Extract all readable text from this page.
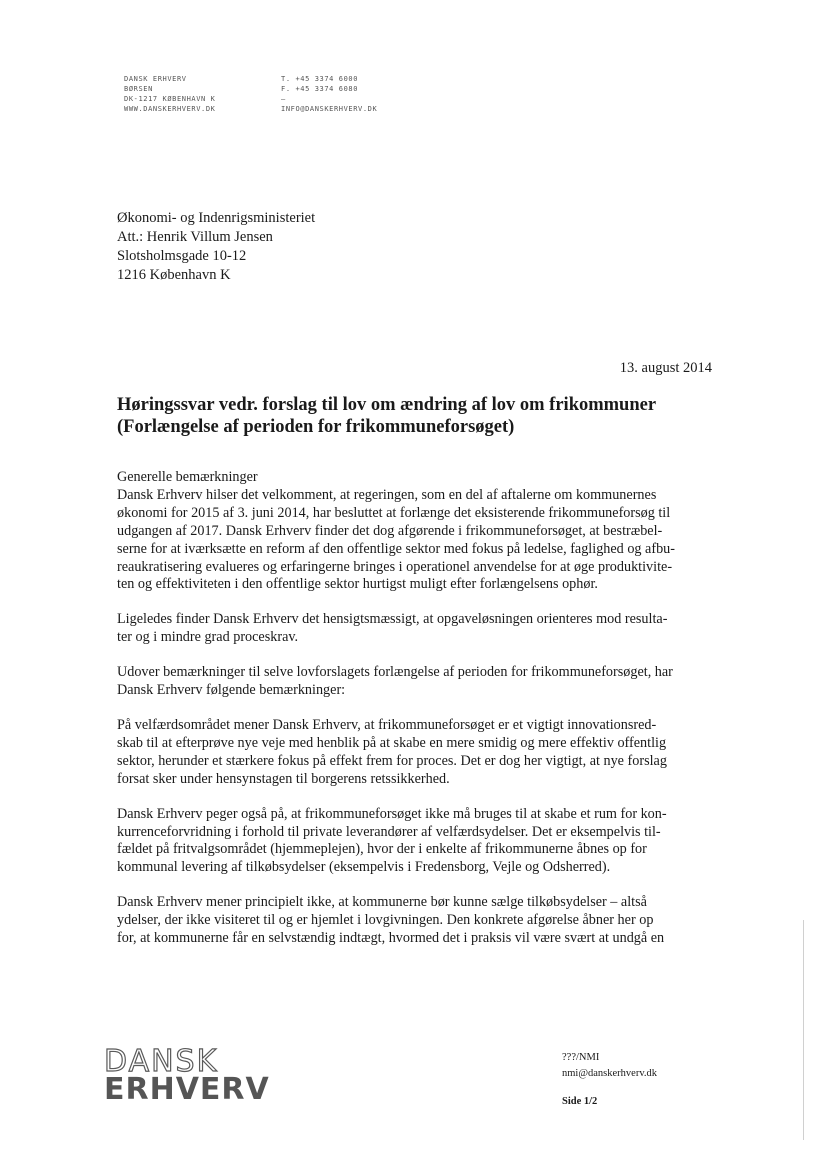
DANSK ERHVERV
BØRSEN
DK-1217 KØBENHAVN K
WWW.DANSKERHVERV.DK
T. +45 3374 6000
F. +45 3374 6080
–
INFO@DANSKERHVERV.DK
Økonomi- og Indenrigsministeriet
Att.: Henrik Villum Jensen
Slotsholmsgade 10-12
1216 København K
13. august 2014
Høringssvar vedr. forslag til lov om ændring af lov om frikommuner
(Forlængelse af perioden for frikommuneforsøget)

Generelle bemærkninger

Dansk Erhverv hilser det velkomment, at regeringen, som en del af aftalerne om kommunernes
økonomi for 2015 af 3. juni 2014, har besluttet at forlænge det eksisterende frikommuneforsøg til
udgangen af 2017. Dansk Erhverv finder det dog afgørende i frikommuneforsøget, at bestræbel-
serne for at iværksætte en reform af den offentlige sektor med fokus på ledelse, faglighed og afbu-
reaukratisering evalueres og erfaringerne bringes i operationel anvendelse for at øge produktivite-
ten og effektiviteten i den offentlige sektor hurtigst muligt efter forlængelsens ophør.

Ligeledes finder Dansk Erhverv det hensigtsmæssigt, at opgaveløsningen orienteres mod resulta-
ter og i mindre grad proceskrav.

Udover bemærkninger til selve lovforslagets forlængelse af perioden for frikommuneforsøget, har
Dansk Erhverv følgende bemærkninger:

På velfærdsområdet mener Dansk Erhverv, at frikommuneforsøget er et vigtigt innovationsred-
skab til at efterprøve nye veje med henblik på at skabe en mere smidig og mere effektiv offentlig
sektor, herunder et stærkere fokus på effekt frem for proces. Det er dog her vigtigt, at nye forslag
forsat sker under hensynstagen til borgerens retssikkerhed.

Dansk Erhverv peger også på, at frikommuneforsøget ikke må bruges til at skabe et rum for kon-
kurrenceforvridning i forhold til private leverandører af velfærdsydelser. Det er eksempelvis til-
fældet på fritvalgsområdet (hjemmeplejen), hvor der i enkelte af frikommunerne åbnes op for
kommunal levering af tilkøbsydelser (eksempelvis i Fredensborg, Vejle og Odsherred).

Dansk Erhverv mener principielt ikke, at kommunerne bør kunne sælge tilkøbsydelser – altså
ydelser, der ikke visiteret til og er hjemlet i lovgivningen. Den konkrete afgørelse åbner her op
for, at kommunerne får en selvstændig indtægt, hvormed det i praksis vil være svært at undgå en

DANSK
ERHVERV
???/NMI
nmi@danskerhverv.dk
Side 1/2
